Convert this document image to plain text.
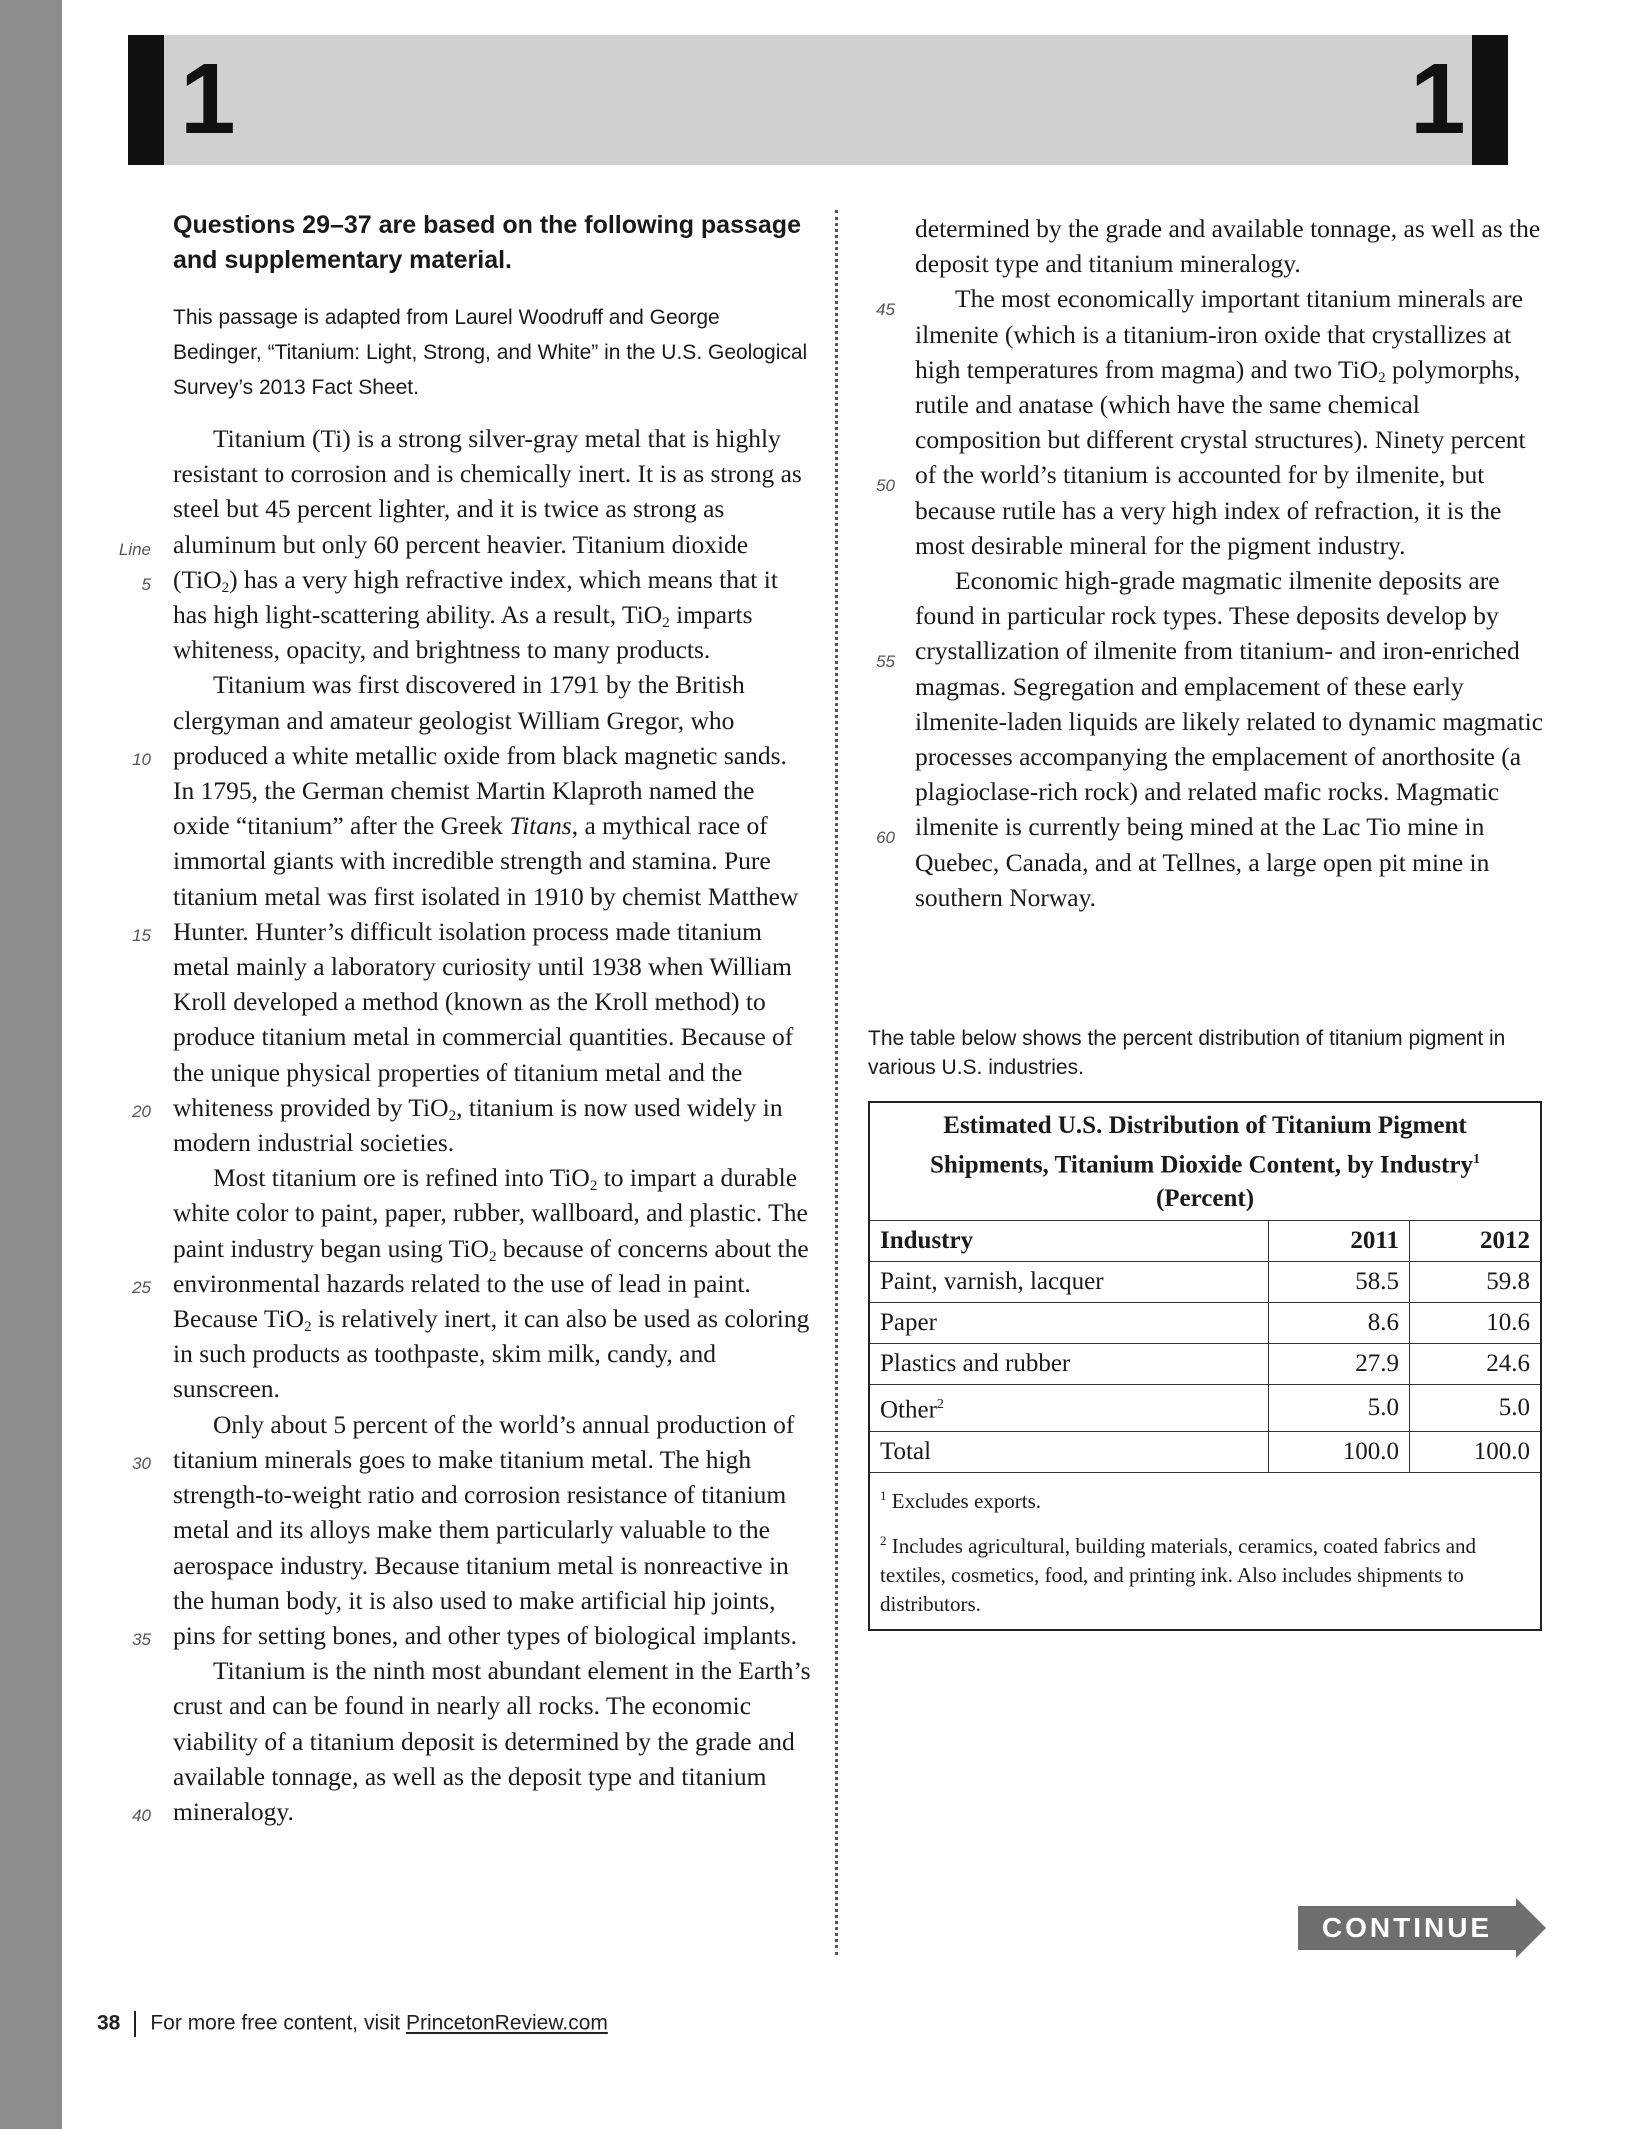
1	1

Questions 29–37 are based on the following passage and supplementary material.

This passage is adapted from Laurel Woodruff and George Bedinger, “Titanium: Light, Strong, and White” in the U.S. Geological Survey’s 2013 Fact Sheet.

Line
5
10
15
20
25
30
35
40

Titanium (Ti) is a strong silver-gray metal that is highly resistant to corrosion and is chemically inert. It is as strong as steel but 45 percent lighter, and it is twice as strong as aluminum but only 60 percent heavier. Titanium dioxide (TiO$_2$) has a very high refractive index, which means that it has high light-scattering ability. As a result, TiO$_2$ imparts whiteness, opacity, and brightness to many products.

Titanium was first discovered in 1791 by the British clergyman and amateur geologist William Gregor, who produced a white metallic oxide from black magnetic sands. In 1795, the German chemist Martin Klaproth named the oxide “titanium” after the Greek Titans, a mythical race of immortal giants with incredible strength and stamina. Pure titanium metal was first isolated in 1910 by chemist Matthew Hunter. Hunter’s difficult isolation process made titanium metal mainly a laboratory curiosity until 1938 when William Kroll developed a method (known as the Kroll method) to produce titanium metal in commercial quantities. Because of the unique physical properties of titanium metal and the whiteness provided by TiO$_2$, titanium is now used widely in modern industrial societies.

Most titanium ore is refined into TiO$_2$ to impart a durable white color to paint, paper, rubber, wallboard, and plastic. The paint industry began using TiO$_2$ because of concerns about the environmental hazards related to the use of lead in paint. Because TiO$_2$ is relatively inert, it can also be used as coloring in such products as toothpaste, skim milk, candy, and sunscreen.

Only about 5 percent of the world’s annual production of titanium minerals goes to make titanium metal. The high strength-to-weight ratio and corrosion resistance of titanium metal and its alloys make them particularly valuable to the aerospace industry. Because titanium metal is nonreactive in the human body, it is also used to make artificial hip joints, pins for setting bones, and other types of biological implants.

Titanium is the ninth most abundant element in the Earth’s crust and can be found in nearly all rocks. The economic viability of a titanium deposit is determined by the grade and available tonnage, as well as the deposit type and titanium mineralogy.

45
50
55
60

determined by the grade and available tonnage, as well as the deposit type and titanium mineralogy.

The most economically important titanium minerals are ilmenite (which is a titanium-iron oxide that crystallizes at high temperatures from magma) and two TiO$_2$ polymorphs, rutile and anatase (which have the same chemical composition but different crystal structures). Ninety percent of the world’s titanium is accounted for by ilmenite, but because rutile has a very high index of refraction, it is the most desirable mineral for the pigment industry.

Economic high-grade magmatic ilmenite deposits are found in particular rock types. These deposits develop by crystallization of ilmenite from titanium- and iron-enriched magmas. Segregation and emplacement of these early ilmenite-laden liquids are likely related to dynamic magmatic processes accompanying the emplacement of anorthosite (a plagioclase-rich rock) and related mafic rocks. Magmatic ilmenite is currently being mined at the Lac Tio mine in Quebec, Canada, and at Tellnes, a large open pit mine in southern Norway.

The table below shows the percent distribution of titanium pigment in various U.S. industries.
Estimated U.S. Distribution of Titanium Pigment
Shipments, Titanium Dioxide Content, by Industry$^1$
(Percent)
Industry	2011	2012
Paint, varnish, lacquer	58.5	59.8
Paper	8.6	10.6
Plastics and rubber	27.9	24.6
Other$^2$	5.0	5.0
Total	100.0	100.0

$^1$ Excludes exports.

$^2$ Includes agricultural, building materials, ceramics, coated fabrics and textiles, cosmetics, food, and printing ink. Also includes shipments to distributors.

CONTINUE
38 For more free content, visit PrincetonReview.com
